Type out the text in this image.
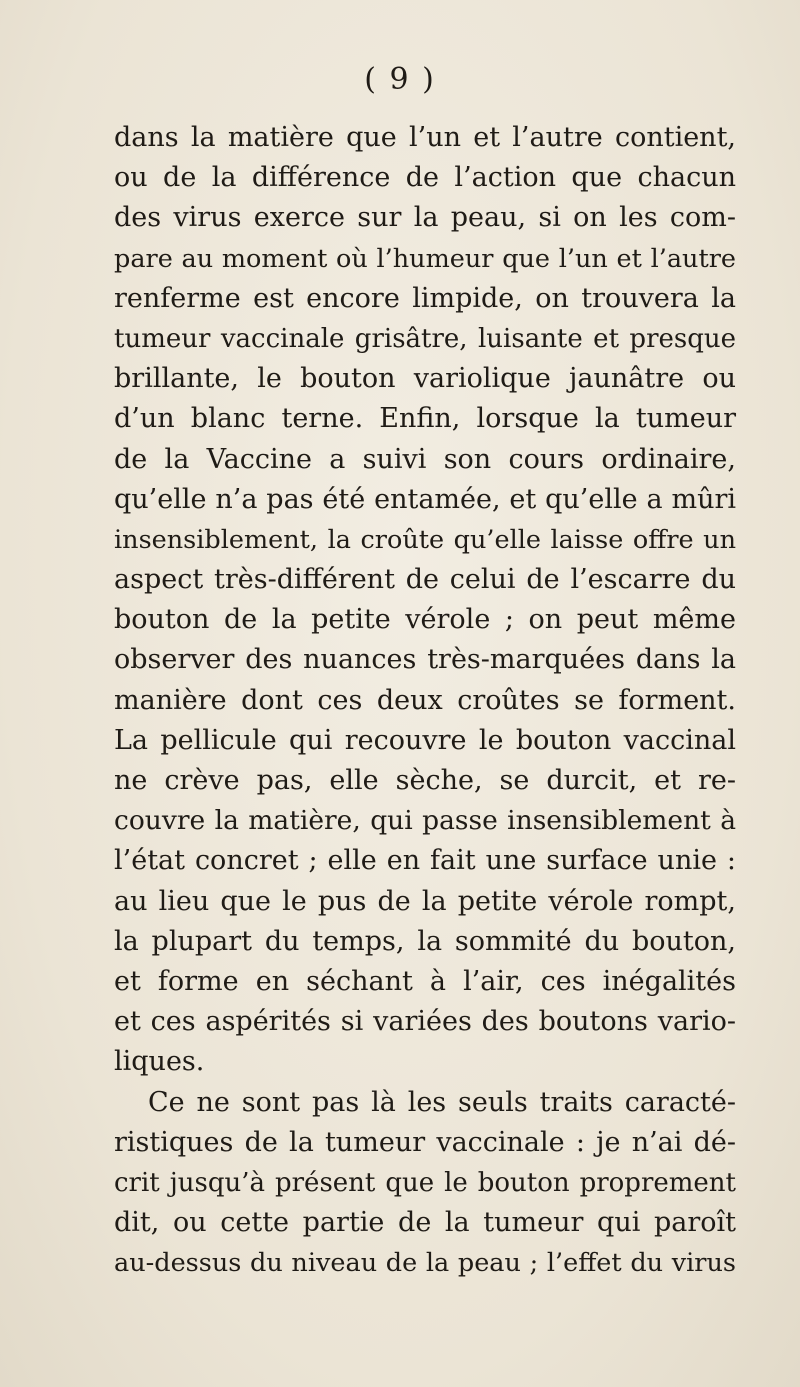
( 9 )
dans la matière que l’un et l’autre contient,
ou de la différence de l’action que chacun
des virus exerce sur la peau, si on les com-
pare au moment où l’humeur que l’un et l’autre
renferme est encore limpide, on trouvera la
tumeur vaccinale grisâtre, luisante et presque
brillante, le bouton variolique jaunâtre ou
d’un blanc terne. Enfin, lorsque la tumeur
de la Vaccine a suivi son cours ordinaire,
qu’elle n’a pas été entamée, et qu’elle a mûri
insensiblement, la croûte qu’elle laisse offre un
aspect très-différent de celui de l’escarre du
bouton de la petite vérole ; on peut même
observer des nuances très-marquées dans la
manière dont ces deux croûtes se forment.
La pellicule qui recouvre le bouton vaccinal
ne crève pas, elle sèche, se durcit, et re-
couvre la matière, qui passe insensiblement à
l’état concret ; elle en fait une surface unie :
au lieu que le pus de la petite vérole rompt,
la plupart du temps, la sommité du bouton,
et forme en séchant à l’air, ces inégalités
et ces aspérités si variées des boutons vario-
liques.
Ce ne sont pas là les seuls traits caracté-
ristiques de la tumeur vaccinale : je n’ai dé-
crit jusqu’à présent que le bouton proprement
dit, ou cette partie de la tumeur qui paroît
au-dessus du niveau de la peau ; l’effet du virus
